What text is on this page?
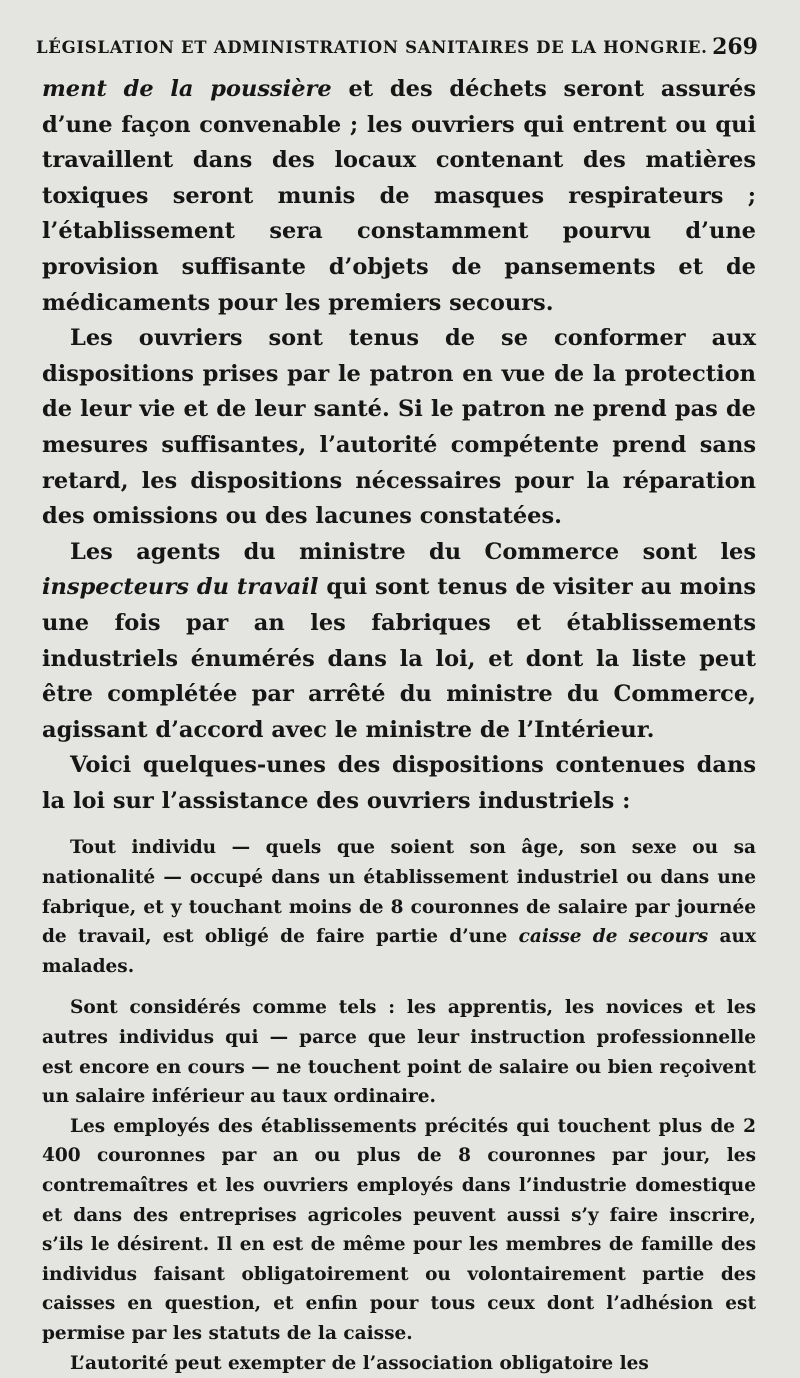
LÉGISLATION ET ADMINISTRATION SANITAIRES DE LA HONGRIE. 269

ment de la poussière et des déchets seront assurés d’une façon convenable ; les ouvriers qui entrent ou qui travaillent dans des locaux contenant des matières toxiques seront munis de masques respirateurs ; l’établissement sera constamment pourvu d’une provision suffisante d’objets de pansements et de médicaments pour les premiers secours.

Les ouvriers sont tenus de se conformer aux dispositions prises par le patron en vue de la protection de leur vie et de leur santé. Si le patron ne prend pas de mesures suffisantes, l’autorité compétente prend sans retard, les dispositions nécessaires pour la réparation des omissions ou des lacunes constatées.

Les agents du ministre du Commerce sont les inspecteurs du travail qui sont tenus de visiter au moins une fois par an les fabriques et établissements industriels énumérés dans la loi, et dont la liste peut être complétée par arrêté du ministre du Commerce, agissant d’accord avec le ministre de l’Intérieur.

Voici quelques-unes des dispositions contenues dans la loi sur l’assistance des ouvriers industriels :

Tout individu — quels que soient son âge, son sexe ou sa nationalité — occupé dans un établissement industriel ou dans une fabrique, et y touchant moins de 8 couronnes de salaire par journée de travail, est obligé de faire partie d’une caisse de secours aux malades.

Sont considérés comme tels : les apprentis, les novices et les autres individus qui — parce que leur instruction professionnelle est encore en cours — ne touchent point de salaire ou bien reçoivent un salaire inférieur au taux ordinaire.

Les employés des établissements précités qui touchent plus de 2 400 couronnes par an ou plus de 8 couronnes par jour, les contremaîtres et les ouvriers employés dans l’industrie domestique et dans des entreprises agricoles peuvent aussi s’y faire inscrire, s’ils le désirent. Il en est de même pour les membres de famille des individus faisant obligatoirement ou volontairement partie des caisses en question, et enfin pour tous ceux dont l’adhésion est permise par les statuts de la caisse.

L’autorité peut exempter de l’association obligatoire les
